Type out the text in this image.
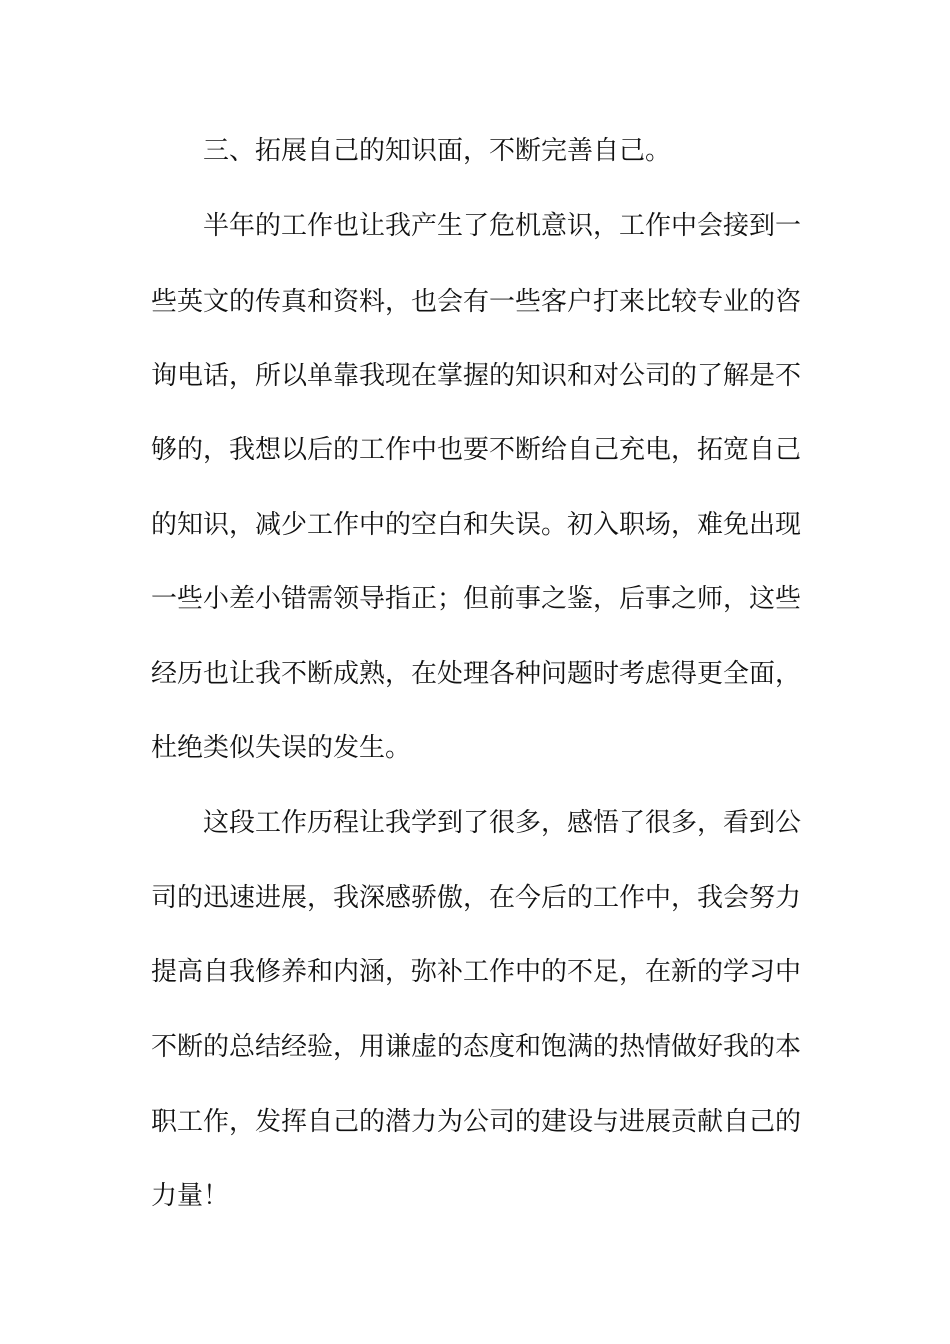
三、拓展自己的知识面，不断完善自己。
半年的工作也让我产生了危机意识，工作中会接到一
些英文的传真和资料，也会有一些客户打来比较专业的咨
询电话，所以单靠我现在掌握的知识和对公司的了解是不
够的，我想以后的工作中也要不断给自己充电，拓宽自己
的知识，减少工作中的空白和失误。初入职场，难免出现
一些小差小错需领导指正；但前事之鉴，后事之师，这些
经历也让我不断成熟，在处理各种问题时考虑得更全面，
杜绝类似失误的发生。
这段工作历程让我学到了很多，感悟了很多，看到公
司的迅速进展，我深感骄傲，在今后的工作中，我会努力
提高自我修养和内涵，弥补工作中的不足，在新的学习中
不断的总结经验，用谦虚的态度和饱满的热情做好我的本
职工作，发挥自己的潜力为公司的建设与进展贡献自己的
力量！
